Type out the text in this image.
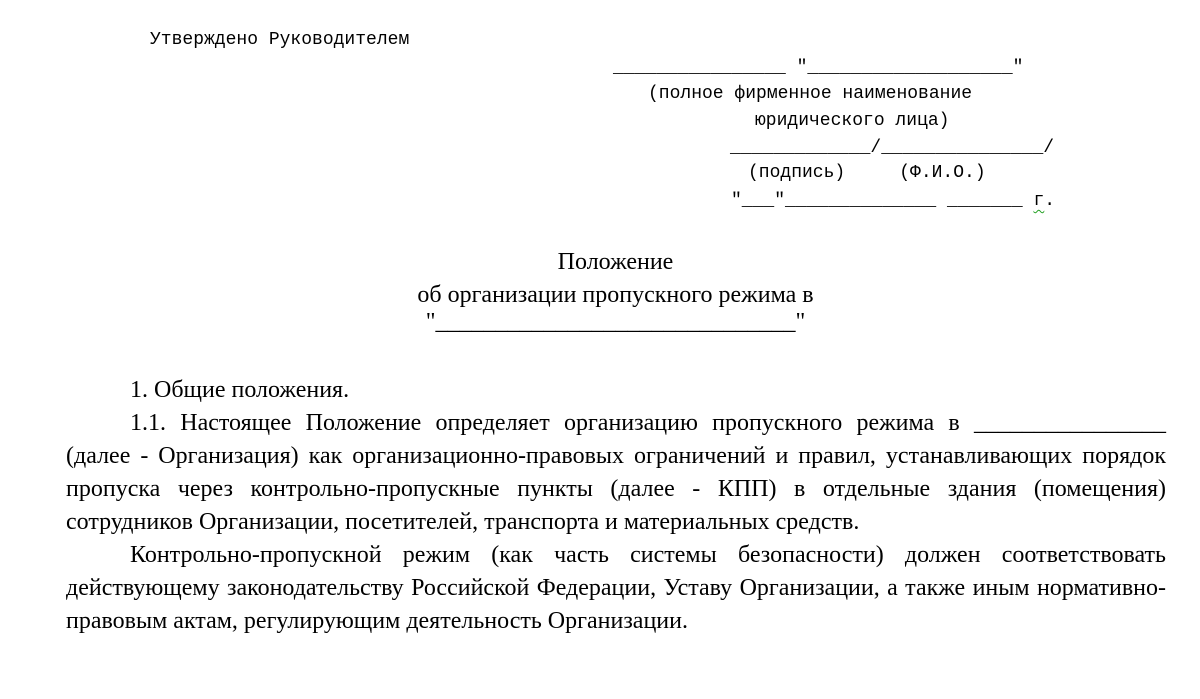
Утверждено Руководителем
________________ "___________________"
(полное фирменное наименование
юридического лица)
_____________/_______________/
(подпись)     (Ф.И.О.)
"___"______________ _______ г.
Положение
об организации пропускного режима в
"______________________________"

1. Общие положения.

1.1. Настоящее Положение определяет организацию пропускного режима в ________________ (далее - Организация) как организационно-правовых ограничений и правил, устанавливающих порядок пропуска через контрольно-пропускные пункты (далее - КПП) в отдельные здания (помещения) сотрудников Организации, посетителей, транспорта и материальных средств.

Контрольно-пропускной режим (как часть системы безопасности) должен соответствовать действующему законодательству Российской Федерации, Уставу Организации, а также иным нормативно-правовым актам, регулирующим деятельность Организации.
